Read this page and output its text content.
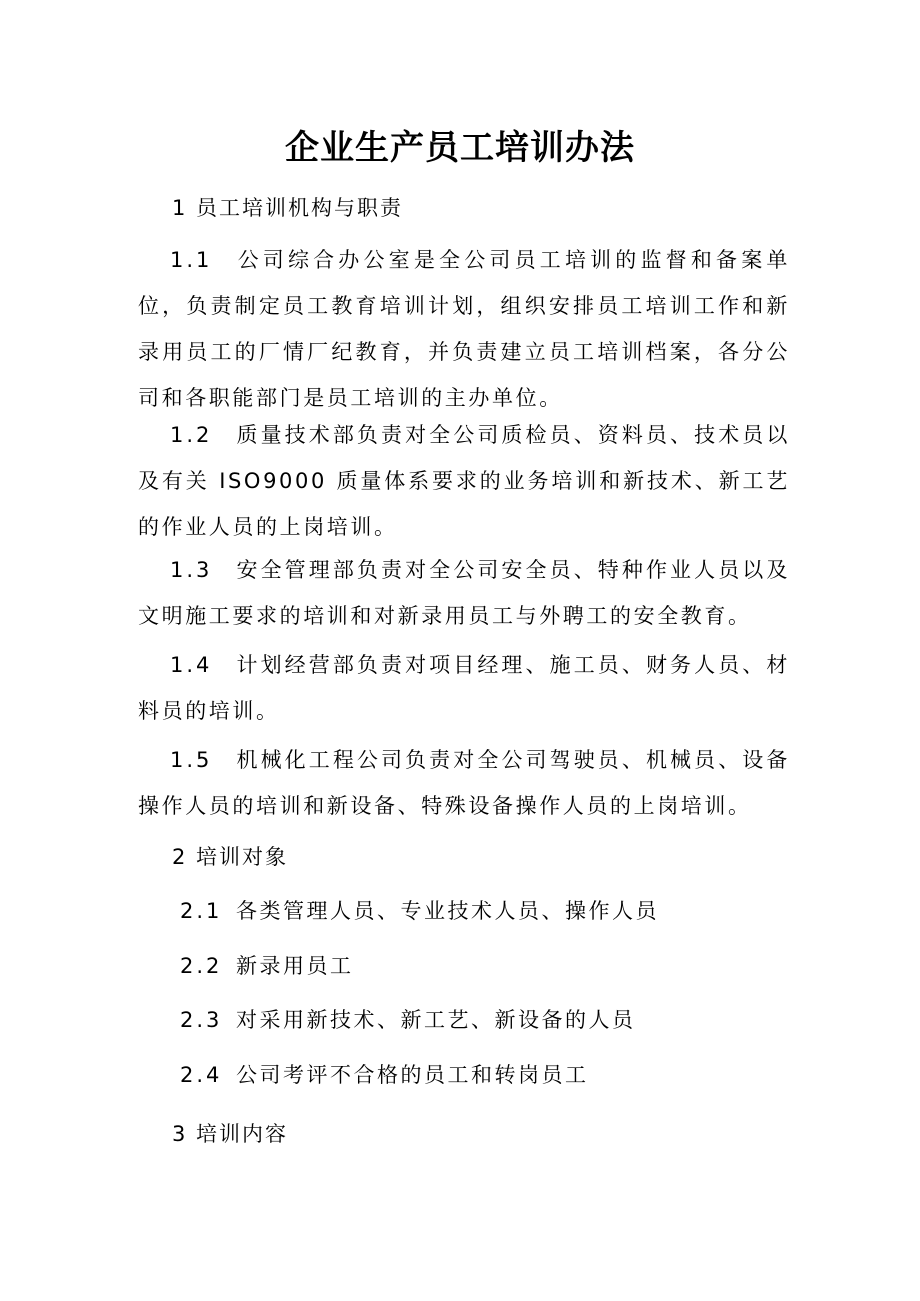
企业生产员工培训办法
1 员工培训机构与职责
1.1 公司综合办公室是全公司员工培训的监督和备案单位，负责制定员工教育培训计划，组织安排员工培训工作和新录用员工的厂情厂纪教育，并负责建立员工培训档案，各分公司和各职能部门是员工培训的主办单位。
1.2 质量技术部负责对全公司质检员、资料员、技术员以及有关 ISO9000 质量体系要求的业务培训和新技术、新工艺的作业人员的上岗培训。
1.3 安全管理部负责对全公司安全员、特种作业人员以及文明施工要求的培训和对新录用员工与外聘工的安全教育。
1.4 计划经营部负责对项目经理、施工员、财务人员、材料员的培训。
1.5 机械化工程公司负责对全公司驾驶员、机械员、设备操作人员的培训和新设备、特殊设备操作人员的上岗培训。
2 培训对象
2.1 各类管理人员、专业技术人员、操作人员
2.2 新录用员工
2.3 对采用新技术、新工艺、新设备的人员
2.4 公司考评不合格的员工和转岗员工
3 培训内容
